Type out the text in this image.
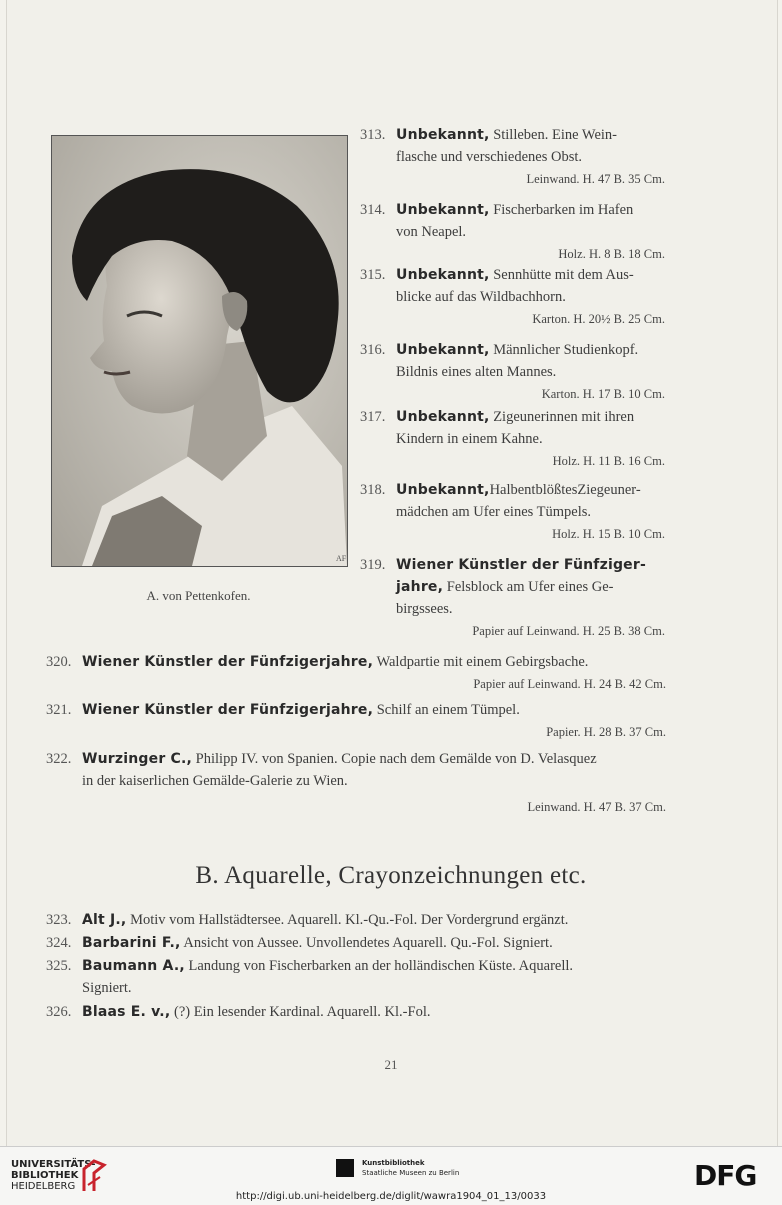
AF
A. von Pettenkofen.
313. Unbekannt, Stilleben. Eine Wein-
flasche und verschiedenes Obst.
Leinwand. H. 47 B. 35 Cm.
314. Unbekannt, Fischerbarken im Hafen
von Neapel.
Holz. H. 8 B. 18 Cm.
315. Unbekannt, Sennhütte mit dem Aus-
blicke auf das Wildbachhorn.
Karton. H. 20½ B. 25 Cm.
316. Unbekannt, Männlicher Studienkopf.
Bildnis eines alten Mannes.
Karton. H. 17 B. 10 Cm.
317. Unbekannt, Zigeunerinnen mit ihren
Kindern in einem Kahne.
Holz. H. 11 B. 16 Cm.
318. Unbekannt,HalbentblößtesZiegeuner-
mädchen am Ufer eines Tümpels.
Holz. H. 15 B. 10 Cm.
319. Wiener Künstler der Fünfziger-
jahre, Felsblock am Ufer eines Ge-
birgssees.
Papier auf Leinwand. H. 25 B. 38 Cm.
320. Wiener Künstler der Fünfzigerjahre, Waldpartie mit einem Gebirgsbache.
Papier auf Leinwand. H. 24 B. 42 Cm.
321. Wiener Künstler der Fünfzigerjahre, Schilf an einem Tümpel.
Papier. H. 28 B. 37 Cm.
322. Wurzinger C., Philipp IV. von Spanien. Copie nach dem Gemälde von D. Velasquez
in der kaiserlichen Gemälde-Galerie zu Wien.
Leinwand. H. 47 B. 37 Cm.
B. Aquarelle, Crayonzeichnungen etc.
323. Alt J., Motiv vom Hallstädtersee. Aquarell. Kl.-Qu.-Fol. Der Vordergrund ergänzt.
324. Barbarini F., Ansicht von Aussee. Unvollendetes Aquarell. Qu.-Fol. Signiert.
325. Baumann A., Landung von Fischerbarken an der holländischen Küste. Aquarell.
Signiert.
326. Blaas E. v., (?) Ein lesender Kardinal. Aquarell. Kl.-Fol.
21
UNIVERSITÄTS-
BIBLIOTHEK
HEIDELBERG
Kunstbibliothek
Staatliche Museen zu Berlin	DFG
http://digi.ub.uni-heidelberg.de/diglit/wawra1904_01_13/0033
